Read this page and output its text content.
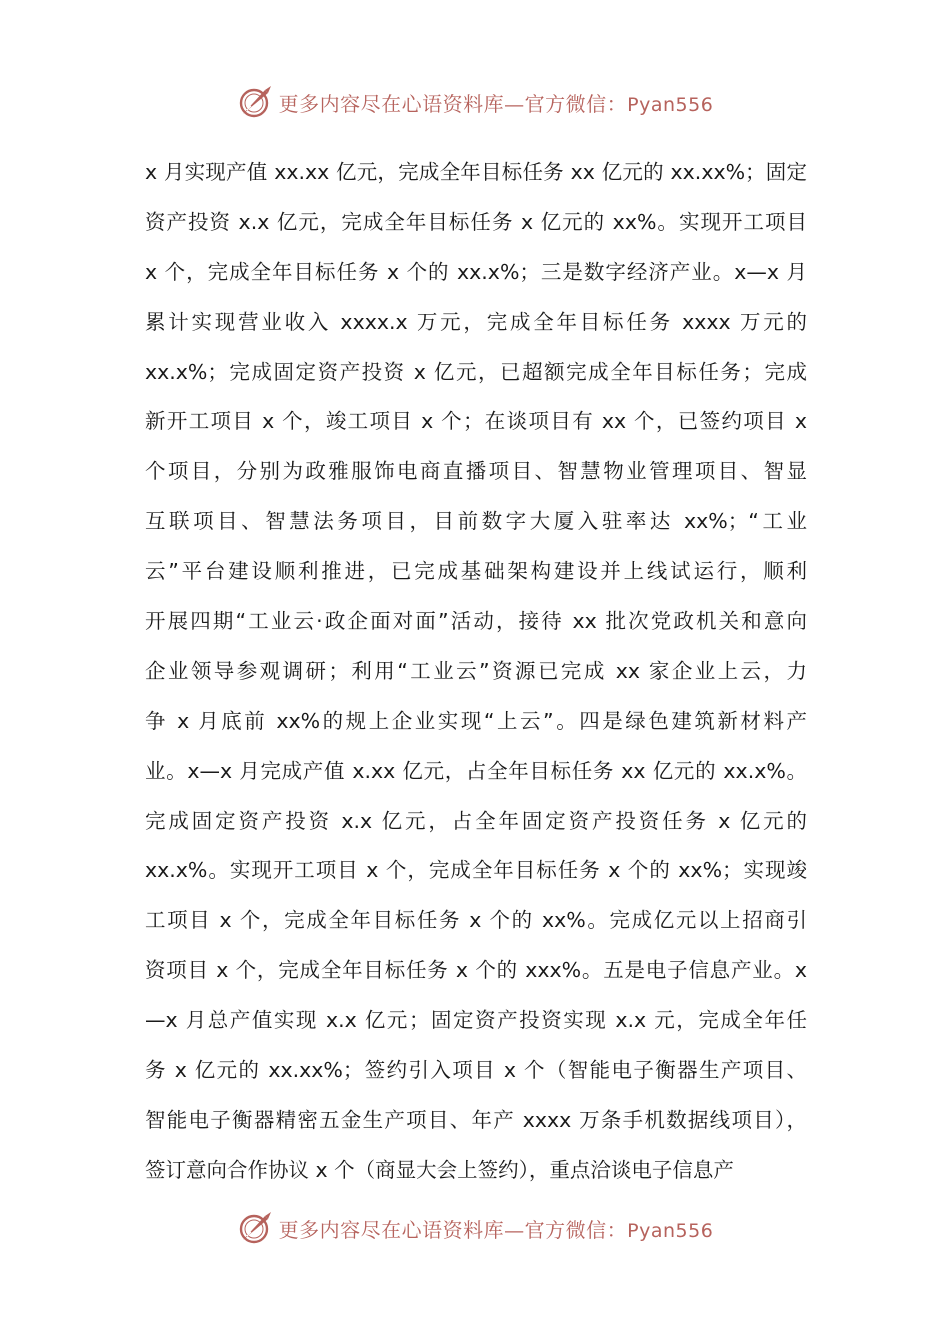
更多内容尽在心语资料库—官方微信：Pyan556
x 月实现产值 xx.xx 亿元，完成全年目标任务 xx 亿元的 xx.xx%；固定
资产投资 x.x 亿元，完成全年目标任务 x 亿元的 xx%。实现开工项目
x 个，完成全年目标任务 x 个的 xx.x%；三是数字经济产业。x—x 月
累计实现营业收入 xxxx.x 万元，完成全年目标任务 xxxx 万元的
xx.x%；完成固定资产投资 x 亿元，已超额完成全年目标任务；完成
新开工项目 x 个，竣工项目 x 个；在谈项目有 xx 个，已签约项目 x
个项目，分别为政雅服饰电商直播项目、智慧物业管理项目、智显
互联项目、智慧法务项目，目前数字大厦入驻率达 xx%；“工业
云”平台建设顺利推进，已完成基础架构建设并上线试运行，顺利
开展四期“工业云·政企面对面”活动，接待 xx 批次党政机关和意向
企业领导参观调研；利用“工业云”资源已完成 xx 家企业上云，力
争 x 月底前 xx%的规上企业实现“上云”。四是绿色建筑新材料产
业。x—x 月完成产值 x.xx 亿元，占全年目标任务 xx 亿元的 xx.x%。
完成固定资产投资 x.x 亿元，占全年固定资产投资任务 x 亿元的
xx.x%。实现开工项目 x 个，完成全年目标任务 x 个的 xx%；实现竣
工项目 x 个，完成全年目标任务 x 个的 xx%。完成亿元以上招商引
资项目 x 个，完成全年目标任务 x 个的 xxx%。五是电子信息产业。x
—x 月总产值实现 x.x 亿元；固定资产投资实现 x.x 元，完成全年任
务 x 亿元的 xx.xx%；签约引入项目 x 个（智能电子衡器生产项目、
智能电子衡器精密五金生产项目、年产 xxxx 万条手机数据线项目），
签订意向合作协议 x 个（商显大会上签约），重点洽谈电子信息产
更多内容尽在心语资料库—官方微信：Pyan556
